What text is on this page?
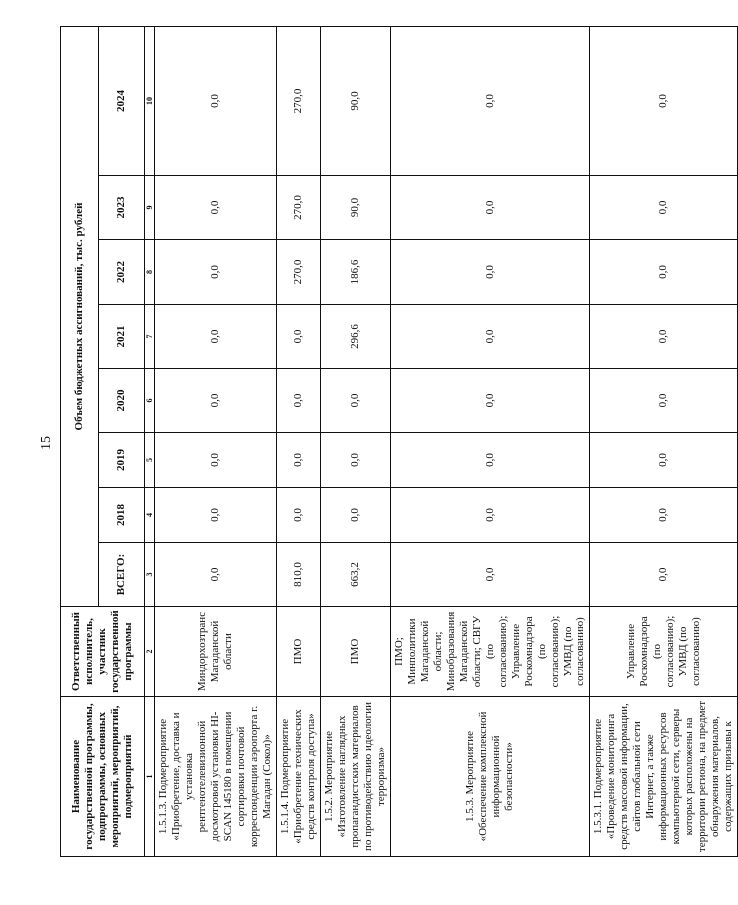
15
Наименование государственной программы, подпрограммы, основных мероприятий, мероприятий, подмероприятий	Ответственный исполнитель, участник государственной программы	Объем бюджетных ассигнований, тыс. рублей							
		ВСЕГО:	2018	2019	2020	2021	2022	2023	2024
1	2	3	4	5	6	7	8	9	10
1.5.1.3. Подмероприятие «Приобретение, доставка и установка рентгенотелевизионной досмотровой установки HI-SCAN 145180 в помещении сортировки почтовой корреспонденции аэропорта г. Магадан (Сокол)»	Миндорхозтранс Магаданской области	0,0	0,0	0,0	0,0	0,0	0,0	0,0	0,0
1.5.1.4. Подмероприятие «Приобретение технических средств контроля доступа»	ПМО	810,0	0,0	0,0	0,0	0,0	270,0	270,0	270,0
1.5.2. Мероприятие «Изготовление наглядных пропагандистских материалов по противодействию идеологии терроризма»	ПМО	663,2	0,0	0,0	0,0	296,6	186,6	90,0	90,0
1.5.3. Мероприятие «Обеспечение комплексной информационной безопасности»	ПМО; Минполитики Магаданской области; Минобразования Магаданской области; СВГУ (по согласованию); Управление Роскомнадзора (по согласованию); УМВД (по согласованию)	0,0	0,0	0,0	0,0	0,0	0,0	0,0	0,0
1.5.3.1. Подмероприятие «Проведение мониторинга средств массовой информации, сайтов глобальной сети Интернет, а также информационных ресурсов компьютерной сети, серверы которых расположены на территории региона, на предмет обнаружения материалов, содержащих призывы к	Управление Роскомнадзора (по согласованию); УМВД (по согласованию)	0,0	0,0	0,0	0,0	0,0	0,0	0,0	0,0
